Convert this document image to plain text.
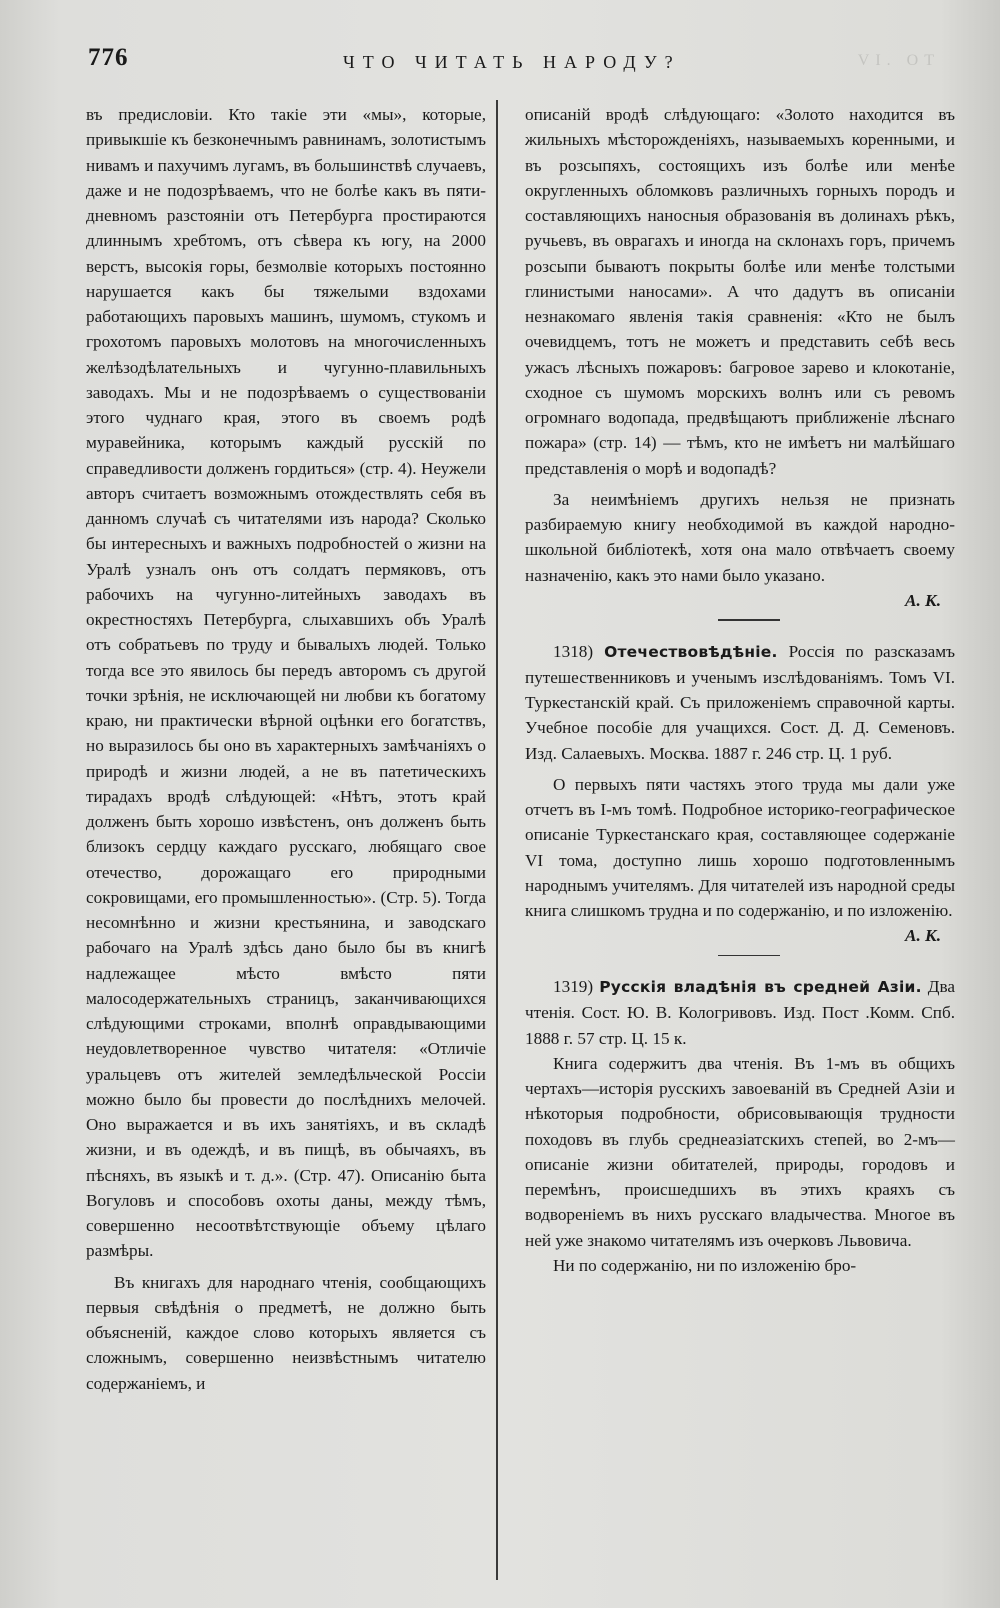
776	ЧТО ЧИТАТЬ НАРОДУ?	VI. ОТ

въ предисловіи. Кто такіе эти «мы», которые, привыкшіе къ безконечнымъ равнинамъ, золотистымъ нивамъ и пахучимъ лугамъ, въ большинствѣ случаевъ, даже и не подозрѣваемъ, что не болѣе какъ въ пяти-дневномъ разстояніи отъ Петербурга простираются длиннымъ хребтомъ, отъ сѣвера къ югу, на 2000 верстъ, высокія горы, безмолвіе которыхъ постоянно нарушается какъ бы тяжелыми вздохами работающихъ паровыхъ машинъ, шумомъ, стукомъ и грохотомъ паровыхъ молотовъ на многочисленныхъ желѣзодѣлательныхъ и чугунно-плавильныхъ заводахъ. Мы и не подозрѣваемъ о существованіи этого чуднаго края, этого въ своемъ родѣ муравейника, которымъ каждый русскій по справедливости долженъ гордиться» (стр. 4). Неужели авторъ считаетъ возможнымъ отождествлять себя въ данномъ случаѣ съ читателями изъ народа? Сколько бы интересныхъ и важныхъ подробностей о жизни на Уралѣ узналъ онъ отъ солдатъ пермяковъ, отъ рабочихъ на чугунно-литейныхъ заводахъ въ окрестностяхъ Петербурга, слыхавшихъ объ Уралѣ отъ собратьевъ по труду и бывалыхъ людей. Только тогда все это явилось бы передъ авторомъ съ другой точки зрѣнія, не исключающей ни любви къ богатому краю, ни практически вѣрной оцѣнки его богатствъ, но выразилось бы оно въ характерныхъ замѣчаніяхъ о природѣ и жизни людей, а не въ патетическихъ тирадахъ вродѣ слѣдующей: «Нѣтъ, этотъ край долженъ быть хорошо извѣстенъ, онъ долженъ быть близокъ сердцу каждаго русскаго, любящаго свое отечество, дорожащаго его природными сокровищами, его промышленностью». (Стр. 5). Тогда несомнѣнно и жизни крестьянина, и заводскаго рабочаго на Уралѣ здѣсь дано было бы въ книгѣ надлежащее мѣсто вмѣсто пяти малосодержательныхъ страницъ, заканчивающихся слѣдующими строками, вполнѣ оправдывающими неудовлетворенное чувство читателя: «Отличіе уральцевъ отъ жителей земледѣльческой Россіи можно было бы провести до послѣднихъ мелочей. Оно выражается и въ ихъ занятіяхъ, и въ складѣ жизни, и въ одеждѣ, и въ пищѣ, въ обычаяхъ, въ пѣсняхъ, въ языкѣ и т. д.». (Стр. 47). Описанію быта Вогуловъ и способовъ охоты даны, между тѣмъ, совершенно несоотвѣтствующіе объему цѣлаго размѣры.

Въ книгахъ для народнаго чтенія, сообщающихъ первыя свѣдѣнія о предметѣ, не должно быть объясненій, каждое слово которыхъ является съ сложнымъ, совершенно неизвѣстнымъ читателю содержаніемъ, и

описаній вродѣ слѣдующаго: «Золото находится въ жильныхъ мѣсторожденіяхъ, называемыхъ коренными, и въ розсыпяхъ, состоящихъ изъ болѣе или менѣе округленныхъ обломковъ различныхъ горныхъ породъ и составляющихъ наносныя образованія въ долинахъ рѣкъ, ручьевъ, въ оврагахъ и иногда на склонахъ горъ, причемъ розсыпи бываютъ покрыты болѣе или менѣе толстыми глинистыми наносами». А что дадутъ въ описаніи незнакомаго явленія такія сравненія: «Кто не былъ очевидцемъ, тотъ не можетъ и представить себѣ весь ужасъ лѣсныхъ пожаровъ: багровое зарево и клокотаніе, сходное съ шумомъ морскихъ волнъ или съ ревомъ огромнаго водопада, предвѣщаютъ приближеніе лѣснаго пожара» (стр. 14) — тѣмъ, кто не имѣетъ ни малѣйшаго представленія о морѣ и водопадѣ?

За неимѣніемъ другихъ нельзя не признать разбираемую книгу необходимой въ каждой народно-школьной библіотекѣ, хотя она мало отвѣчаетъ своему назначенію, какъ это нами было указано.

А. К.

1318) Отечествовѣдѣніе. Россія по разсказамъ путешественниковъ и ученымъ изслѣдованіямъ. Томъ VI. Туркестанскій край. Съ приложеніемъ справочной карты. Учебное пособіе для учащихся. Сост. Д. Д. Семеновъ. Изд. Салаевыхъ. Москва. 1887 г. 246 стр. Ц. 1 руб.

О первыхъ пяти частяхъ этого труда мы дали уже отчетъ въ I-мъ томѣ. Подробное историко-географическое описаніе Туркестанскаго края, составляющее содержаніе VI тома, доступно лишь хорошо подготовленнымъ народнымъ учителямъ. Для читателей изъ народной среды книга слишкомъ трудна и по содержанію, и по изложенію.

А. К.

1319) Русскія владѣнія въ средней Азіи. Два чтенія. Сост. Ю. В. Кологривовъ. Изд. Пост .Комм. Спб. 1888 г. 57 стр. Ц. 15 к.

Книга содержитъ два чтенія. Въ 1-мъ въ общихъ чертахъ—исторія русскихъ завоеваній въ Средней Азіи и нѣкоторыя подробности, обрисовывающія трудности походовъ въ глубь среднеазіатскихъ степей, во 2-мъ—описаніе жизни обитателей, природы, городовъ и перемѣнъ, происшедшихъ въ этихъ краяхъ съ водвореніемъ въ нихъ русскаго владычества. Многое въ ней уже знакомо читателямъ изъ очерковъ Львовича.

Ни по содержанію, ни по изложенію бро-
